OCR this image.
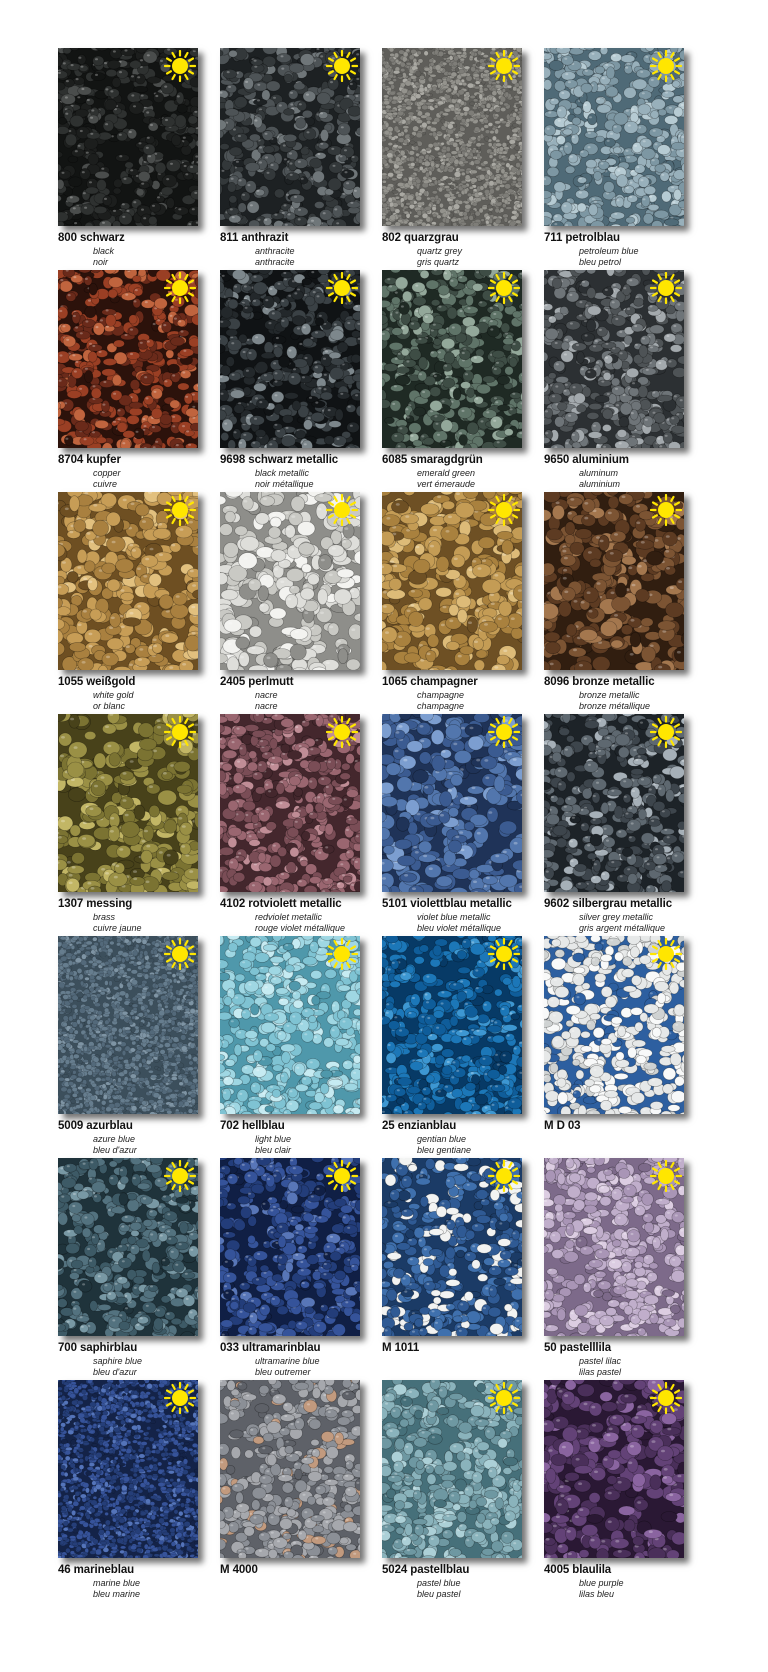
800 schwarz
black
noir
811 anthrazit
anthracite
anthracite
802 quarzgrau
quartz grey
gris quartz
711 petrolblau
petroleum blue
bleu petrol
8704 kupfer
copper
cuivre
9698 schwarz metallic
black metallic
noir métallique
6085 smaragdgrün
emerald green
vert émeraude
9650 aluminium
aluminum
aluminium
1055 weißgold
white gold
or blanc
2405 perlmutt
nacre
nacre
1065 champagner
champagne
champagne
8096 bronze metallic
bronze metallic
bronze métallique
1307 messing
brass
cuivre jaune
4102 rotviolett metallic
redviolet metallic
rouge violet métallique
5101 violettblau metallic
violet blue metallic
bleu violet métallique
9602 silbergrau metallic
silver grey metallic
gris argent métallique
5009 azurblau
azure blue
bleu d'azur
702 hellblau
light blue
bleu clair
25 enzianblau
gentian blue
bleu gentiane
M D 03
700 saphirblau
saphire blue
bleu d'azur
033 ultramarinblau
ultramarine blue
bleu outremer
M 1011	50 pastelllila
pastel lilac
lilas pastel
46 marineblau
marine blue
bleu marine
M 4000	5024 pastellblau
pastel blue
bleu pastel
4005 blaulila
blue purple
lilas bleu
